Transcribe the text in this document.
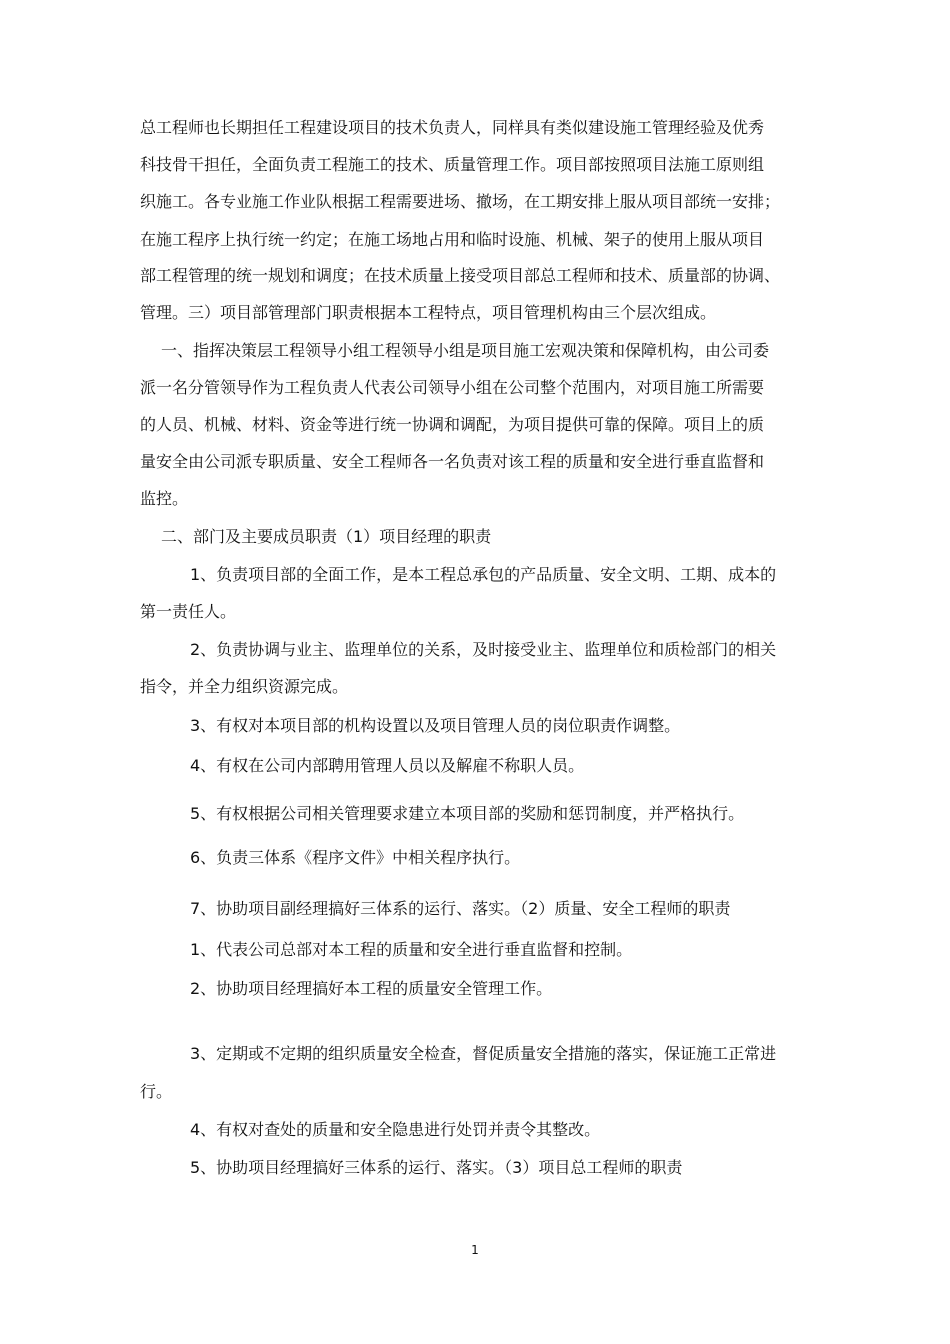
总工程师也长期担任工程建设项目的技术负责人，同样具有类似建设施工管理经验及优秀
科技骨干担任，全面负责工程施工的技术、质量管理工作。项目部按照项目法施工原则组
织施工。各专业施工作业队根据工程需要进场、撤场，在工期安排上服从项目部统一安排；
在施工程序上执行统一约定；在施工场地占用和临时设施、机械、架子的使用上服从项目
部工程管理的统一规划和调度；在技术质量上接受项目部总工程师和技术、质量部的协调、
管理。三）项目部管理部门职责根据本工程特点，项目管理机构由三个层次组成。
一、指挥决策层工程领导小组工程领导小组是项目施工宏观决策和保障机构，由公司委
派一名分管领导作为工程负责人代表公司领导小组在公司整个范围内，对项目施工所需要
的人员、机械、材料、资金等进行统一协调和调配，为项目提供可靠的保障。项目上的质
量安全由公司派专职质量、安全工程师各一名负责对该工程的质量和安全进行垂直监督和
监控。
二、部门及主要成员职责（1）项目经理的职责
1、负责项目部的全面工作，是本工程总承包的产品质量、安全文明、工期、成本的
第一责任人。
2、负责协调与业主、监理单位的关系，及时接受业主、监理单位和质检部门的相关
指令，并全力组织资源完成。
3、有权对本项目部的机构设置以及项目管理人员的岗位职责作调整。
4、有权在公司内部聘用管理人员以及解雇不称职人员。
5、有权根据公司相关管理要求建立本项目部的奖励和惩罚制度，并严格执行。
6、负责三体系《程序文件》中相关程序执行。
7、协助项目副经理搞好三体系的运行、落实。（2）质量、安全工程师的职责
1、代表公司总部对本工程的质量和安全进行垂直监督和控制。
2、协助项目经理搞好本工程的质量安全管理工作。
3、定期或不定期的组织质量安全检查，督促质量安全措施的落实，保证施工正常进
行。
4、有权对查处的质量和安全隐患进行处罚并责令其整改。
5、协助项目经理搞好三体系的运行、落实。（3）项目总工程师的职责
1
